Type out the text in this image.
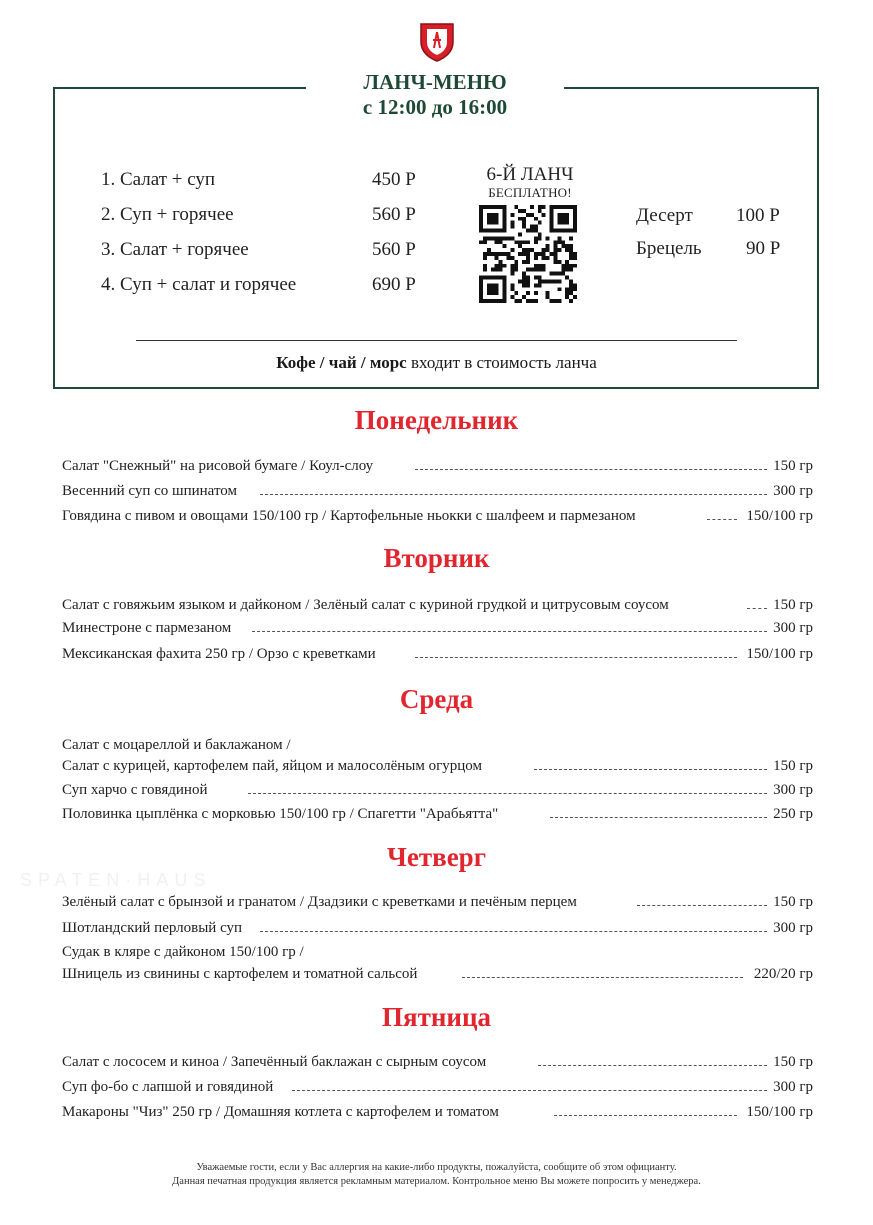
SPATEN·HAUS
ЛАНЧ-МЕНЮ
с 12:00 до 16:00
1. Салат + суп	450 Р
2. Суп + горячее	560 Р
3. Салат + горячее	560 Р
4. Суп + салат и горячее	690 Р
6-Й ЛАНЧ
БЕСПЛАТНО!
Десерт 100 Р
Брецель 90 Р
Кофе / чай / морс входит в стоимость ланча
Понедельник
Салат "Снежный" на рисовой бумаге / Коул-слоу	150 гр
Весенний суп со шпинатом	300 гр
Говядина с пивом и овощами 150/100 гр / Картофельные ньокки с шалфеем и пармезаном	150/100 гр
Вторник
Салат с говяжьим языком и дайконом / Зелёный салат с куриной грудкой и цитрусовым соусом	150 гр
Минестроне с пармезаном	300 гр
Мексиканская фахита 250 гр / Орзо с креветками	150/100 гр
Среда
Салат с моцареллой и баклажаном /
Салат с курицей, картофелем пай, яйцом и малосолёным огурцом	150 гр
Суп харчо с говядиной	300 гр
Половинка цыплёнка с морковью 150/100 гр / Спагетти "Арабьятта"	250 гр
Четверг
Зелёный салат с брынзой и гранатом / Дзадзики с креветками и печёным перцем	150 гр
Шотландский перловый суп	300 гр
Судак в кляре с дайконом 150/100 гр /
Шницель из свинины с картофелем и томатной сальсой	220/20 гр
Пятница
Салат с лососем и киноа / Запечённый баклажан с сырным соусом	150 гр
Суп фо-бо с лапшой и говядиной	300 гр
Макароны "Чиз" 250 гр / Домашняя котлета с картофелем и томатом	150/100 гр
Уважаемые гости, если у Вас аллергия на какие-либо продукты, пожалуйста, сообщите об этом официанту.
Данная печатная продукция является рекламным материалом. Контрольное меню Вы можете попросить у менеджера.
